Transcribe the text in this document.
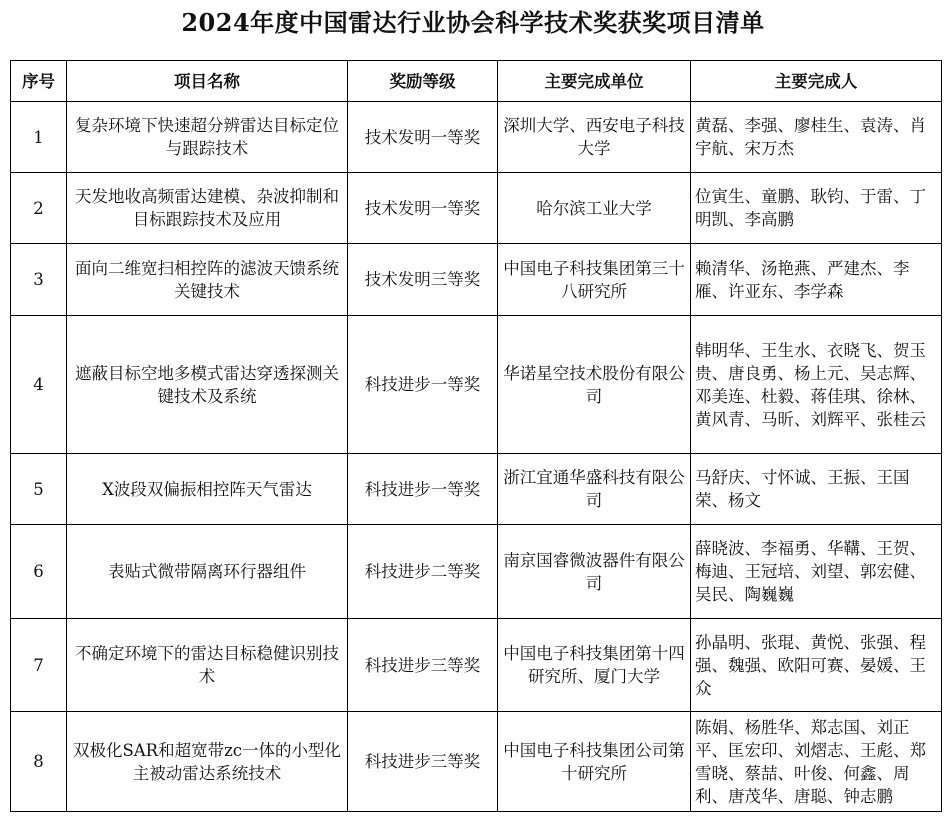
2024年度中国雷达行业协会科学技术奖获奖项目清单
序号	项目名称	奖励等级	主要完成单位	主要完成人
1	复杂环境下快速超分辨雷达目标定位与跟踪技术	技术发明一等奖	深圳大学、西安电子科技大学	黄磊、李强、廖桂生、袁涛、肖宇航、宋万杰
2	天发地收高频雷达建模、杂波抑制和目标跟踪技术及应用	技术发明一等奖	哈尔滨工业大学	位寅生、童鹏、耿钧、于雷、丁明凯、李高鹏
3	面向二维宽扫相控阵的滤波天馈系统关键技术	技术发明三等奖	中国电子科技集团第三十八研究所	赖清华、汤艳燕、严建杰、李雁、许亚东、李学森
4	遮蔽目标空地多模式雷达穿透探测关键技术及系统	科技进步一等奖	华诺星空技术股份有限公司	韩明华、王生水、衣晓飞、贺玉贵、唐良勇、杨上元、吴志辉、邓美连、杜毅、蒋佳琪、徐林、黄风青、马昕、刘辉平、张桂云
5	X波段双偏振相控阵天气雷达	科技进步一等奖	浙江宜通华盛科技有限公司	马舒庆、寸怀诚、王振、王国荣、杨文
6	表贴式微带隔离环行器组件	科技进步二等奖	南京国睿微波器件有限公司	薛晓波、李福勇、华鞲、王贺、梅迪、王冠培、刘望、郭宏健、吴民、陶巍巍
7	不确定环境下的雷达目标稳健识别技术	科技进步三等奖	中国电子科技集团第十四研究所、厦门大学	孙晶明、张琨、黄悦、张强、程强、魏强、欧阳可赛、晏媛、王众
8	双极化SAR和超宽带zc一体的小型化主被动雷达系统技术	科技进步三等奖	中国电子科技集团公司第十研究所	陈娟、杨胜华、郑志国、刘正平、匡宏印、刘熠志、王彪、郑雪晓、蔡喆、叶俊、何鑫、周利、唐茂华、唐聪、钟志鹏
